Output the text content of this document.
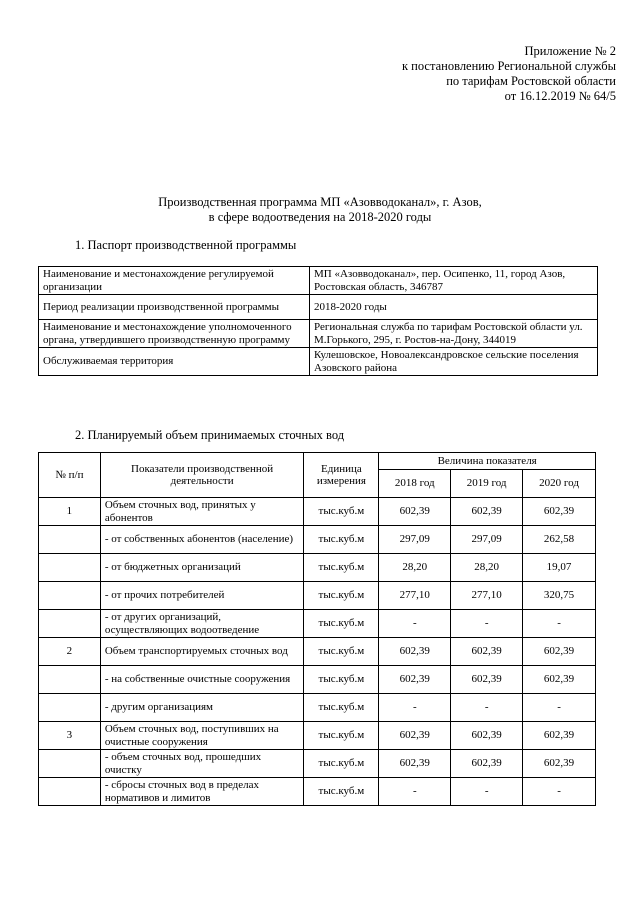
Приложение № 2
к постановлению Региональной службы
по тарифам Ростовской области
от 16.12.2019 № 64/5
Производственная программа МП «Азовводоканал», г. Азов,
в сфере водоотведения на 2018-2020 годы
1. Паспорт производственной программы
Наименование и местонахождение регулируемой организации	МП «Азовводоканал», пер. Осипенко, 11, город Азов, Ростовская область, 346787
Период реализации производственной программы	2018-2020 годы
Наименование и местонахождение уполномоченного органа, утвердившего производственную программу	Региональная служба по тарифам Ростовской области ул. М.Горького, 295, г. Ростов-на-Дону, 344019
Обслуживаемая территория	Кулешовское, Новоалександровское сельские поселения Азовского района
2. Планируемый объем принимаемых сточных вод
№ п/п	Показатели производственной деятельности	Единица измерения	Величина показателя		
			2018 год	2019 год	2020 год
1	Объем сточных вод, принятых у абонентов	тыс.куб.м	602,39	602,39	602,39
	- от собственных абонентов (население)	тыс.куб.м	297,09	297,09	262,58
	- от бюджетных организаций	тыс.куб.м	28,20	28,20	19,07
	- от прочих потребителей	тыс.куб.м	277,10	277,10	320,75
	- от других организаций, осуществляющих водоотведение	тыс.куб.м	-	-	-
2	Объем транспортируемых сточных вод	тыс.куб.м	602,39	602,39	602,39
	- на собственные очистные сооружения	тыс.куб.м	602,39	602,39	602,39
	- другим организациям	тыс.куб.м	-	-	-
3	Объем сточных вод, поступивших на очистные сооружения	тыс.куб.м	602,39	602,39	602,39
	- объем сточных вод, прошедших очистку	тыс.куб.м	602,39	602,39	602,39
	- сбросы сточных вод в пределах нормативов и лимитов	тыс.куб.м	-	-	-
